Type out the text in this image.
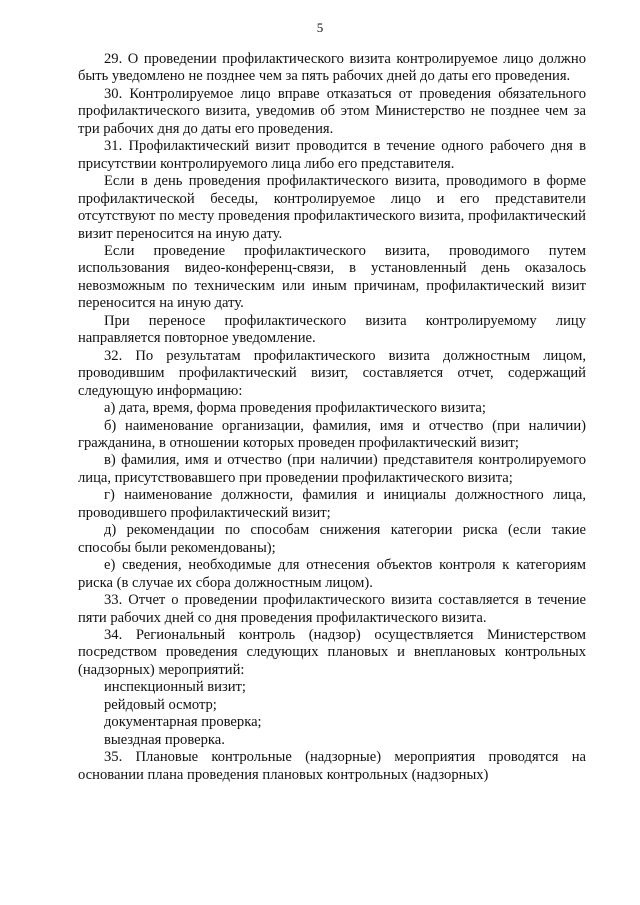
5

29. О проведении профилактического визита контролируемое лицо должно быть уведомлено не позднее чем за пять рабочих дней до даты его проведения.

30. Контролируемое лицо вправе отказаться от проведения обязательного профилактического визита, уведомив об этом Министерство не позднее чем за три рабочих дня до даты его проведения.

31. Профилактический визит проводится в течение одного рабочего дня в присутствии контролируемого лица либо его представителя.

Если в день проведения профилактического визита, проводимого в форме профилактической беседы, контролируемое лицо и его представители отсутствуют по месту проведения профилактического визита, профилактический визит переносится на иную дату.

Если проведение профилактического визита, проводимого путем использования видео-конференц-связи, в установленный день оказалось невозможным по техническим или иным причинам, профилактический визит переносится на иную дату.

При переносе профилактического визита контролируемому лицу направляется повторное уведомление.

32. По результатам профилактического визита должностным лицом, проводившим профилактический визит, составляется отчет, содержащий следующую информацию:

а) дата, время, форма проведения профилактического визита;

б) наименование организации, фамилия, имя и отчество (при наличии) гражданина, в отношении которых проведен профилактический визит;

в) фамилия, имя и отчество (при наличии) представителя контролируемого лица, присутствовавшего при проведении профилактического визита;

г) наименование должности, фамилия и инициалы должностного лица, проводившего профилактический визит;

д) рекомендации по способам снижения категории риска (если такие способы были рекомендованы);

е) сведения, необходимые для отнесения объектов контроля к категориям риска (в случае их сбора должностным лицом).

33. Отчет о проведении профилактического визита составляется в течение пяти рабочих дней со дня проведения профилактического визита.

34. Региональный контроль (надзор) осуществляется Министерством посредством проведения следующих плановых и внеплановых контрольных (надзорных) мероприятий:

инспекционный визит;

рейдовый осмотр;

документарная проверка;

выездная проверка.

35. Плановые контрольные (надзорные) мероприятия проводятся на основании плана проведения плановых контрольных (надзорных)
